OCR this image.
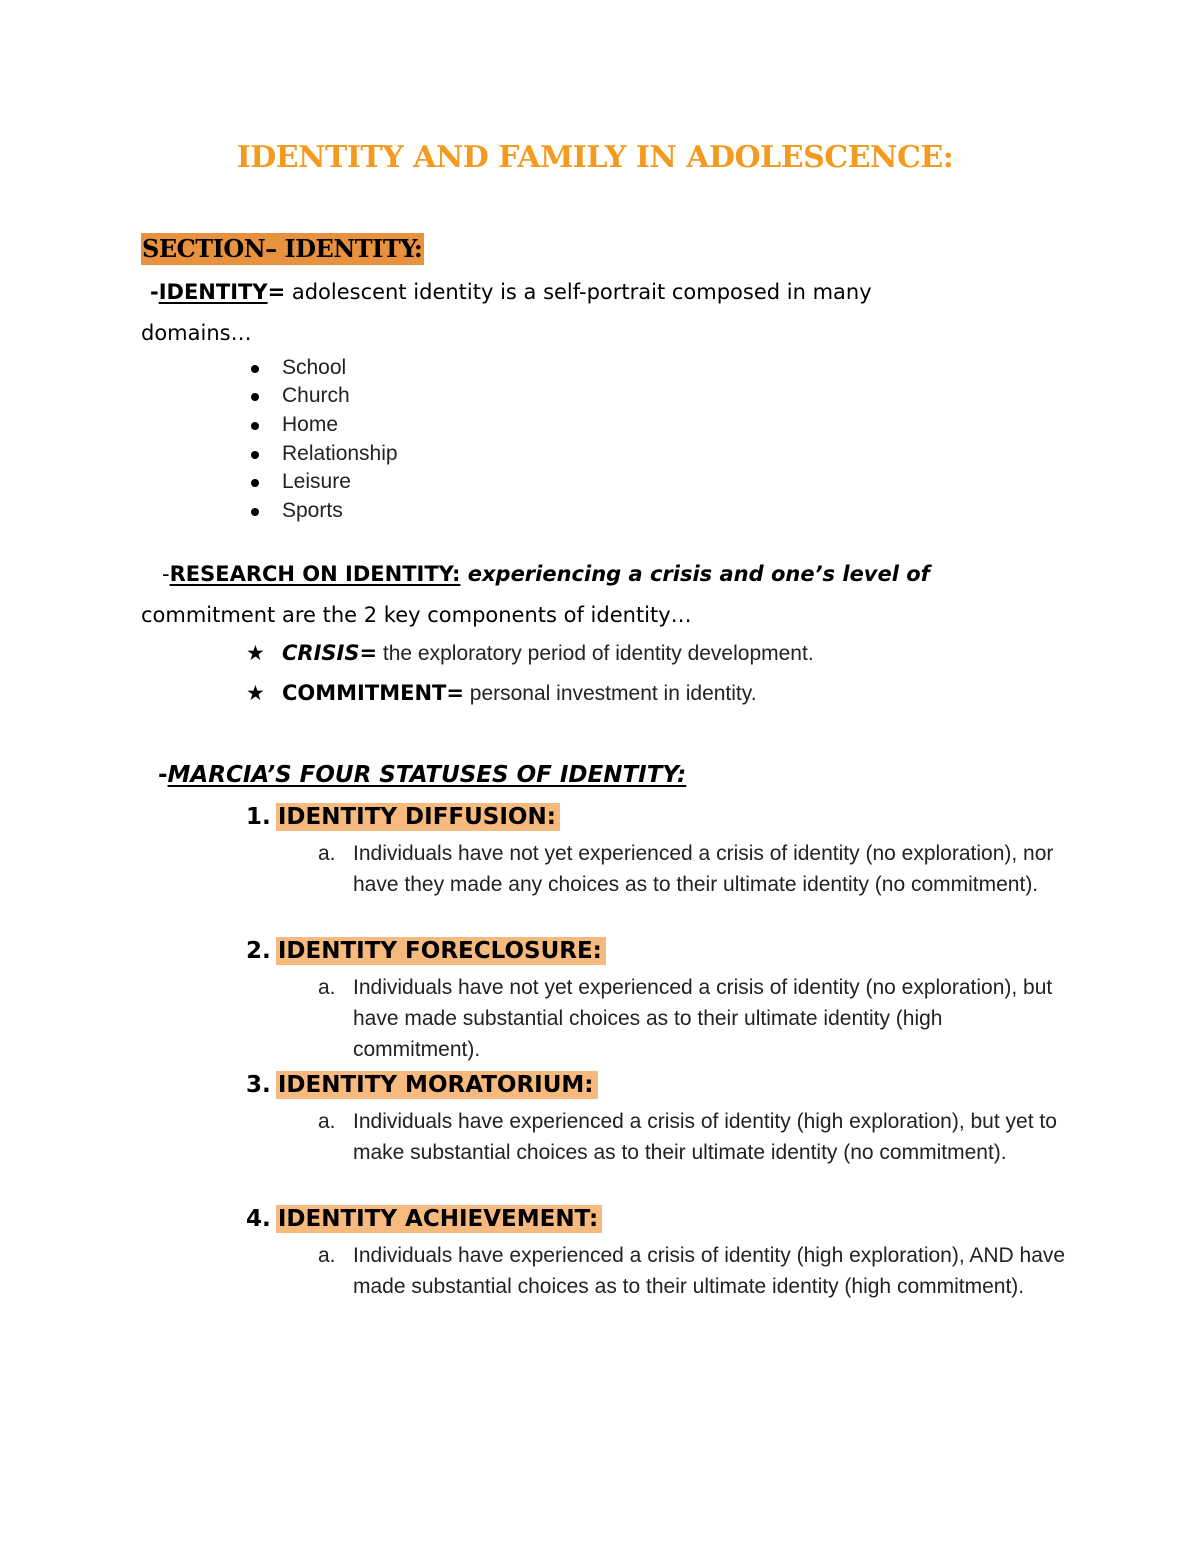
IDENTITY AND FAMILY IN ADOLESCENCE:
SECTION– IDENTITY:
-IDENTITY= adolescent identity is a self-portrait composed in many
domains…
School
Church
Home
Relationship
Leisure
Sports
-RESEARCH ON IDENTITY: experiencing a crisis and one’s level of
commitment are the 2 key components of identity…
★ CRISIS= the exploratory period of identity development.
★ COMMITMENT= personal investment in identity.
-MARCIA’S FOUR STATUSES OF IDENTITY:
1. IDENTITY DIFFUSION:
a. Individuals have not yet experienced a crisis of identity (no exploration), nor have they made any choices as to their ultimate identity (no commitment).
2. IDENTITY FORECLOSURE:
a. Individuals have not yet experienced a crisis of identity (no exploration), but have made substantial choices as to their ultimate identity (high commitment).
3. IDENTITY MORATORIUM:
a. Individuals have experienced a crisis of identity (high exploration), but yet to make substantial choices as to their ultimate identity (no commitment).
4. IDENTITY ACHIEVEMENT:
a. Individuals have experienced a crisis of identity (high exploration), AND have made substantial choices as to their ultimate identity (high commitment).
